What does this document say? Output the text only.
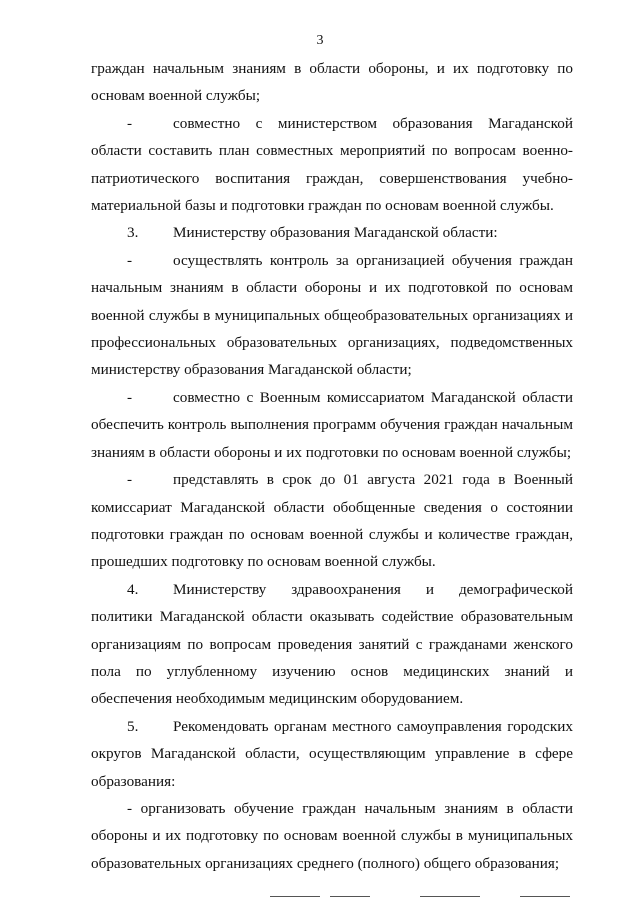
3

граждан начальным знаниям в области обороны, и их подготовку по основам военной службы;

-	совместно с министерством образования Магаданской области составить план совместных мероприятий по вопросам военно-патриотического воспитания граждан, совершенствования учебно-материальной базы и подготовки граждан по основам военной службы.

3. Министерству образования Магаданской области:

-	осуществлять контроль за организацией обучения граждан начальным знаниям в области обороны и их подготовкой по основам военной службы в муниципальных общеобразовательных организациях и профессиональных образовательных организациях, подведомственных министерству образования Магаданской области;

-	совместно с Военным комиссариатом Магаданской области обеспечить контроль выполнения программ обучения граждан начальным знаниям в области обороны и их подготовки по основам военной службы;

-	представлять в срок до 01 августа 2021 года в Военный комиссариат Магаданской области обобщенные сведения о состоянии подготовки граждан по основам военной службы и количестве граждан, прошедших подготовку по основам военной службы.

4. Министерству здравоохранения и демографической политики Магаданской области оказывать содействие образовательным организациям по вопросам проведения занятий с гражданами женского пола по углубленному изучению основ медицинских знаний и обеспечения необходимым медицинским оборудованием.

5. Рекомендовать органам местного самоуправления городских округов Магаданской области, осуществляющим управление в сфере образования:

- организовать обучение граждан начальным знаниям в области обороны и их подготовку по основам военной службы в муниципальных образовательных организациях среднего (полного) общего образования;
